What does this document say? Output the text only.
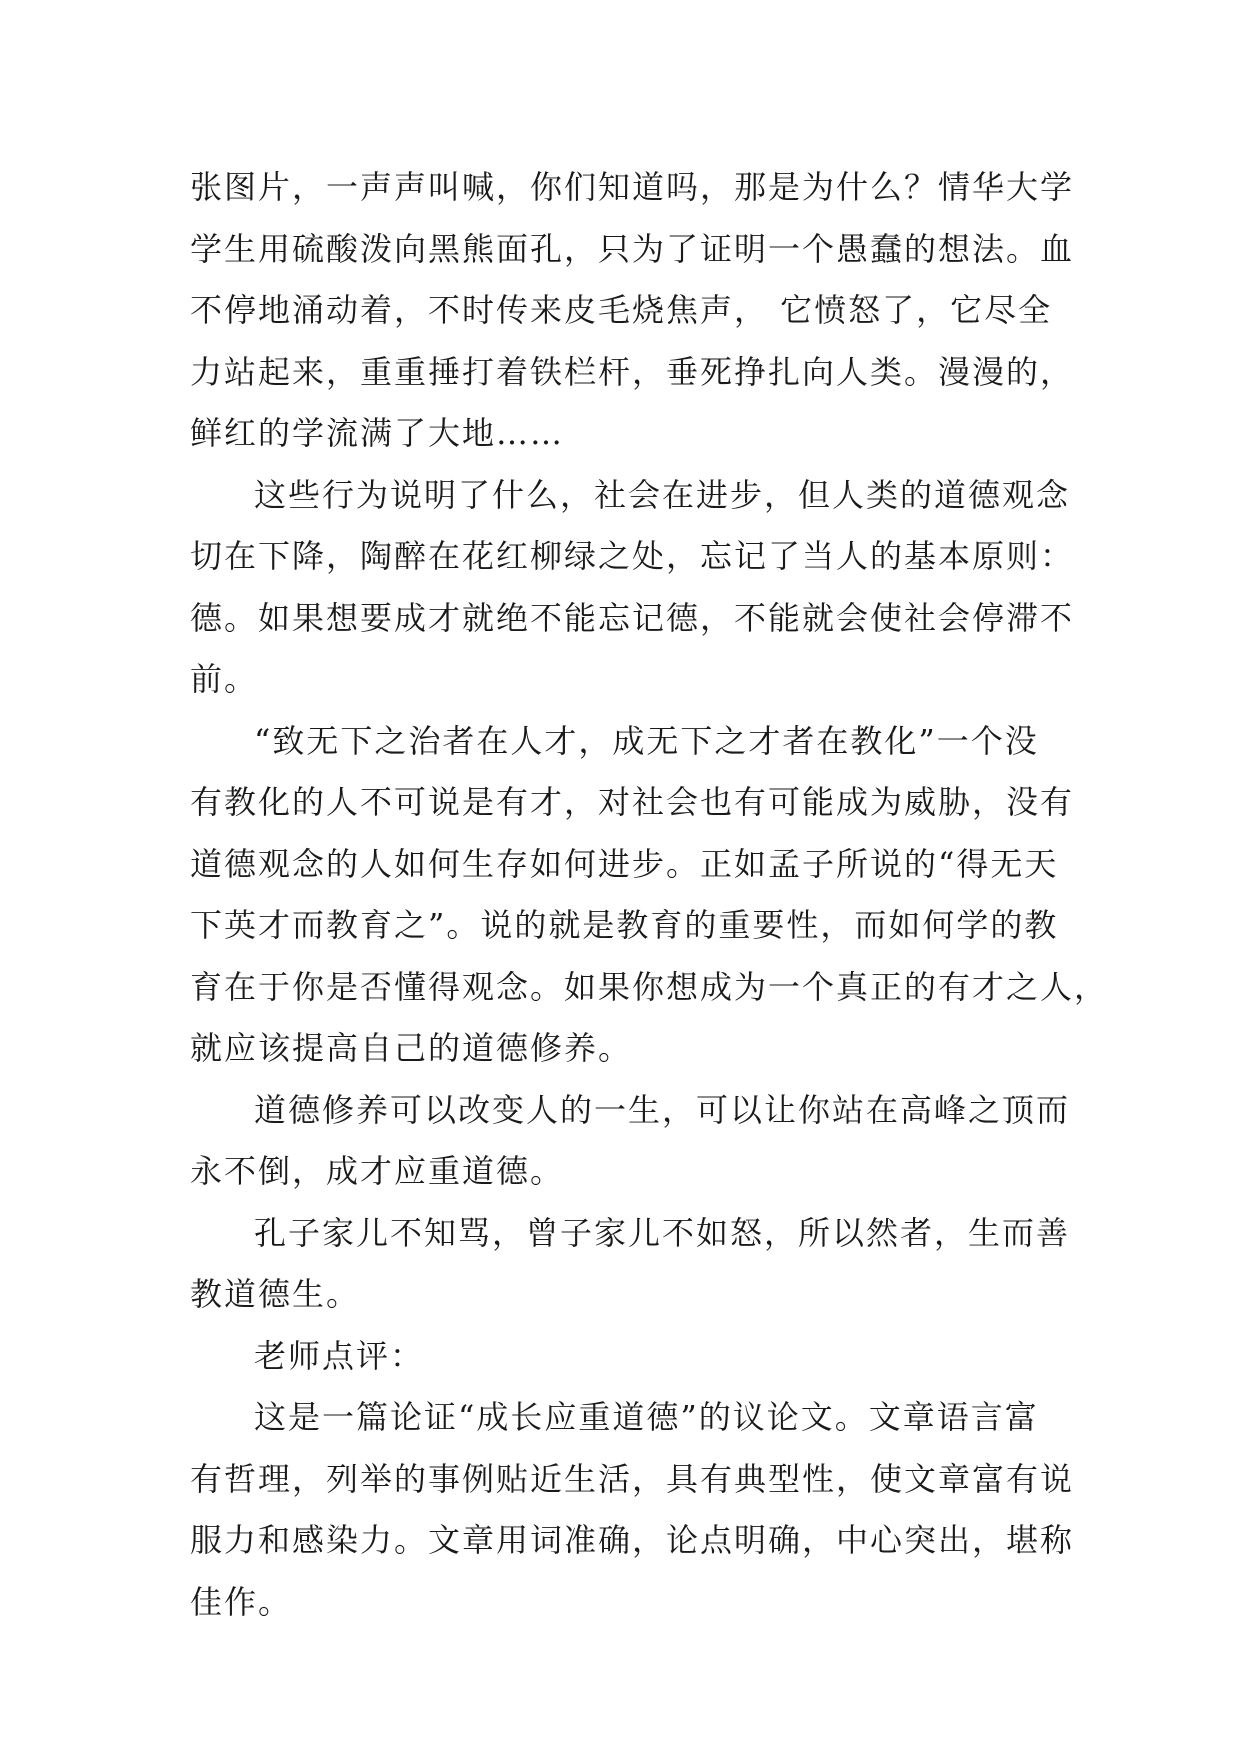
张图片，一声声叫喊，你们知道吗，那是为什么？情华大学
学生用硫酸泼向黑熊面孔，只为了证明一个愚蠢的想法。血
不停地涌动着，不时传来皮毛烧焦声， 它愤怒了，它尽全
力站起来，重重捶打着铁栏杆，垂死挣扎向人类。漫漫的，
鲜红的学流满了大地……
这些行为说明了什么，社会在进步，但人类的道德观念
切在下降，陶醉在花红柳绿之处，忘记了当人的基本原则：
德。如果想要成才就绝不能忘记德，不能就会使社会停滞不
前。
“致无下之治者在人才，成无下之才者在教化”一个没
有教化的人不可说是有才，对社会也有可能成为威胁，没有
道德观念的人如何生存如何进步。正如孟子所说的“得无天
下英才而教育之”。说的就是教育的重要性，而如何学的教
育在于你是否懂得观念。如果你想成为一个真正的有才之人，
就应该提高自己的道德修养。
道德修养可以改变人的一生，可以让你站在高峰之顶而
永不倒，成才应重道德。
孔子家儿不知骂，曾子家儿不如怒，所以然者，生而善
教道德生。
老师点评：
这是一篇论证“成长应重道德”的议论文。文章语言富
有哲理，列举的事例贴近生活，具有典型性，使文章富有说
服力和感染力。文章用词准确，论点明确，中心突出，堪称
佳作。
